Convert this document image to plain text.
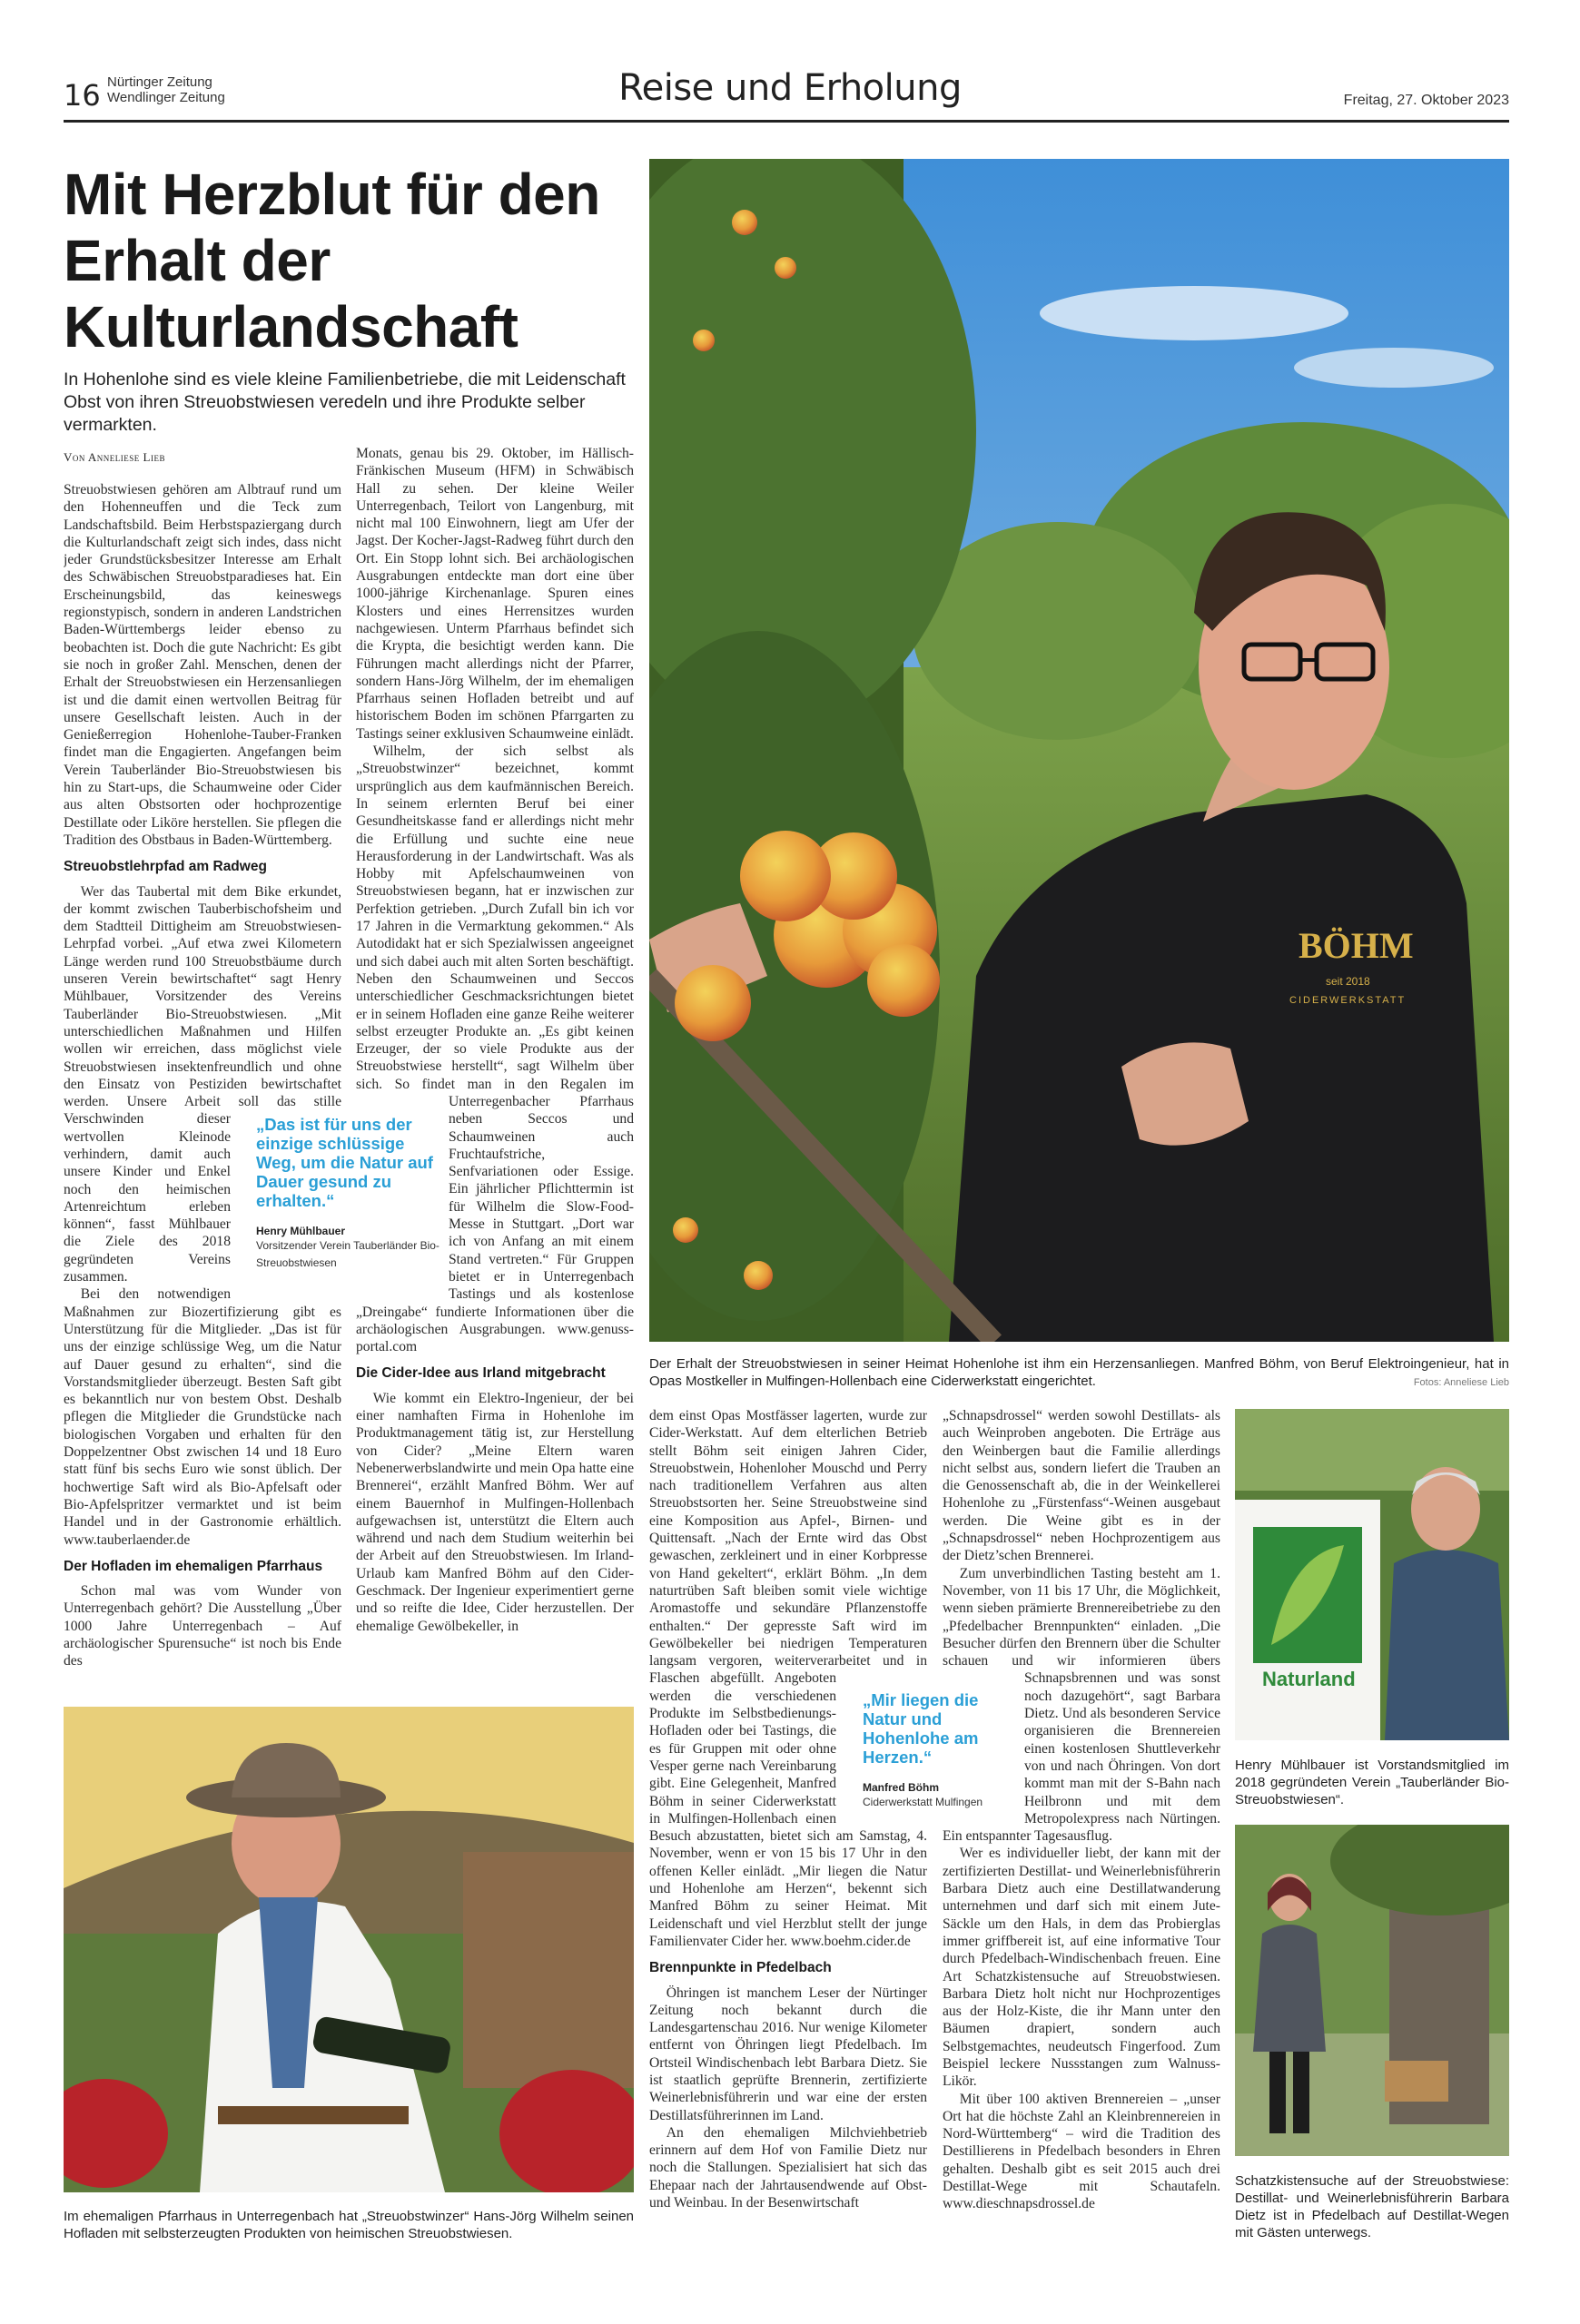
16 Nürtinger Zeitung
Wendlinger Zeitung	Reise und Erholung	Freitag, 27. Oktober 2023
Mit Herzblut für den Erhalt der Kulturlandschaft

In Hohenlohe sind es viele kleine Familienbetriebe, die mit Leidenschaft Obst von ihren Streuobstwiesen veredeln und ihre Produkte selber vermarkten.

Von Anneliese Lieb

Streuobstwiesen gehören am Albtrauf rund um den Hohenneuffen und die Teck zum Landschaftsbild. Beim Herbstspaziergang durch die Kulturlandschaft zeigt sich indes, dass nicht jeder Grundstücksbesitzer Interesse am Erhalt des Schwäbischen Streuobstparadieses hat. Ein Erscheinungsbild, das keineswegs regionstypisch, sondern in anderen Landstrichen Baden-Württembergs leider ebenso zu beobachten ist. Doch die gute Nachricht: Es gibt sie noch in großer Zahl. Menschen, denen der Erhalt der Streuobstwiesen ein Herzensanliegen ist und die damit einen wertvollen Beitrag für unsere Gesellschaft leisten. Auch in der Genießerregion Hohenlohe-Tauber-Franken findet man die Engagierten. Angefangen beim Verein Tauberländer Bio-Streuobstwiesen bis hin zu Start-ups, die Schaumweine oder Cider aus alten Obstsorten oder hochprozentige Destillate oder Liköre herstellen. Sie pflegen die Tradition des Obstbaus in Baden-Württemberg.

Streuobstlehrpfad am Radweg

Wer das Taubertal mit dem Bike erkundet, der kommt zwischen Tauberbischofsheim und dem Stadtteil Dittigheim am Streuobstwiesen-Lehrpfad vorbei. „Auf etwa zwei Kilometern Länge werden rund 100 Streuobstbäume durch unseren Verein bewirtschaftet“ sagt Henry Mühlbauer, Vorsitzender des Vereins Tauberländer Bio-Streuobstwiesen. „Mit unterschiedlichen Maßnahmen und Hilfen wollen wir erreichen, dass möglichst viele Streuobstwiesen insektenfreundlich und ohne den Einsatz von Pestiziden bewirtschaftet werden. Unsere Arbeit soll das stille Verschwinden dieser wertvollen Kleinode verhindern, damit auch unsere Kinder und Enkel noch den heimischen Artenreichtum erleben können“, fasst Mühlbauer die Ziele des 2018 gegründeten Vereins zusammen.

Bei den notwendigen Maßnahmen zur Biozertifizierung gibt es Unterstützung für die Mitglieder. „Das ist für uns der einzige schlüssige Weg, um die Natur auf Dauer gesund zu erhalten“, sind die Vorstandsmitglieder überzeugt. Besten Saft gibt es bekanntlich nur von bestem Obst. Deshalb pflegen die Mitglieder die Grundstücke nach biologischen Vorgaben und erhalten für den Doppelzentner Obst zwischen 14 und 18 Euro statt fünf bis sechs Euro wie sonst üblich. Der hochwertige Saft wird als Bio-Apfelsaft oder Bio-Apfelspritzer vermarktet und ist beim Handel und in der Gastronomie erhältlich. www.tauberlaender.de

Der Hofladen im ehemaligen Pfarrhaus

Schon mal was vom Wunder von Unterregenbach gehört? Die Ausstellung „Über 1000 Jahre Unterregenbach – Auf archäologischer Spurensuche“ ist noch bis Ende des

Monats, genau bis 29. Oktober, im Hällisch-Fränkischen Museum (HFM) in Schwäbisch Hall zu sehen. Der kleine Weiler Unterregenbach, Teilort von Langenburg, mit nicht mal 100 Einwohnern, liegt am Ufer der Jagst. Der Kocher-Jagst-Radweg führt durch den Ort. Ein Stopp lohnt sich. Bei archäologischen Ausgrabungen entdeckte man dort eine über 1000-jährige Kirchenanlage. Spuren eines Klosters und eines Herrensitzes wurden nachgewiesen. Unterm Pfarrhaus befindet sich die Krypta, die besichtigt werden kann. Die Führungen macht allerdings nicht der Pfarrer, sondern Hans-Jörg Wilhelm, der im ehemaligen Pfarrhaus seinen Hofladen betreibt und auf historischem Boden im schönen Pfarrgarten zu Tastings seiner exklusiven Schaumweine einlädt.

Wilhelm, der sich selbst als „Streuobstwinzer“ bezeichnet, kommt ursprünglich aus dem kaufmännischen Bereich. In seinem erlernten Beruf bei einer Gesundheitskasse fand er allerdings nicht mehr die Erfüllung und suchte eine neue Herausforderung in der Landwirtschaft. Was als Hobby mit Apfelschaumweinen von Streuobstwiesen begann, hat er inzwischen zur Perfektion getrieben. „Durch Zufall bin ich vor 17 Jahren in die Vermarktung gekommen.“ Als Autodidakt hat er sich Spezialwissen angeeignet und sich dabei auch mit alten Sorten beschäftigt. Neben den Schaumweinen und Seccos unterschiedlicher Geschmacksrichtungen bietet er in seinem Hofladen eine ganze Reihe weiterer selbst erzeugter Produkte an. „Es gibt keinen Erzeuger, der so viele Produkte aus der Streuobstwiese herstellt“, sagt Wilhelm über sich. So findet man in den Regalen im Unterregenbacher Pfarrhaus neben Seccos und Schaumweinen auch Fruchtaufstriche, Senfvariationen oder Essige. Ein jährlicher Pflichttermin ist für Wilhelm die Slow-Food-Messe in Stuttgart. „Dort war ich von Anfang an mit einem Stand vertreten.“ Für Gruppen bietet er in Unterregenbach Tastings und als kostenlose „Dreingabe“ fundierte Informationen über die archäologischen Ausgrabungen. www.genuss-portal.com

Die Cider-Idee aus Irland mitgebracht

Wie kommt ein Elektro-Ingenieur, der bei einer namhaften Firma in Hohenlohe im Produktmanagement tätig ist, zur Herstellung von Cider? „Meine Eltern waren Nebenerwerbslandwirte und mein Opa hatte eine Brennerei“, erzählt Manfred Böhm. Wer auf einem Bauernhof in Mulfingen-Hollenbach aufgewachsen ist, unterstützt die Eltern auch während und nach dem Studium weiterhin bei der Arbeit auf den Streuobstwiesen. Im Irland-Urlaub kam Manfred Böhm auf den Cider-Geschmack. Der Ingenieur experimentiert gerne und so reifte die Idee, Cider herzustellen. Der ehemalige Gewölbekeller, in

„Das ist für uns der einzige schlüssige Weg, um die Natur auf Dauer gesund zu erhalten.“
Henry Mühlbauer
Vorsitzender Verein Tauberländer Bio-Streuobstwiesen
BÖHM
seit 2018
CIDERWERKSTATT
Der Erhalt der Streuobstwiesen in seiner Heimat Hohenlohe ist ihm ein Herzensanliegen. Manfred Böhm, von Beruf Elektroingenieur, hat in Opas Mostkeller in Mulfingen-Hollenbach eine Ciderwerkstatt eingerichtet.	Fotos: Anneliese Lieb

dem einst Opas Mostfässer lagerten, wurde zur Cider-Werkstatt. Auf dem elterlichen Betrieb stellt Böhm seit einigen Jahren Cider, Streuobstwein, Hohenloher Mouschd und Perry nach traditionellem Verfahren aus alten Streuobstsorten her. Seine Streuobstweine sind eine Komposition aus Apfel-, Birnen- und Quittensaft. „Nach der Ernte wird das Obst gewaschen, zerkleinert und in einer Korbpresse von Hand gekeltert“, erklärt Böhm. „In dem naturtrüben Saft bleiben somit viele wichtige Aromastoffe und sekundäre Pflanzenstoffe enthalten.“ Der gepresste Saft wird im Gewölbekeller bei niedrigen Temperaturen langsam vergoren, weiterverarbeitet und in Flaschen abgefüllt. Angeboten werden die verschiedenen Produkte im Selbstbedienungs-Hofladen oder bei Tastings, die es für Gruppen mit oder ohne Vesper gerne nach Vereinbarung gibt. Eine Gelegenheit, Manfred Böhm in seiner Ciderwerkstatt in Mulfingen-Hollenbach einen Besuch abzustatten, bietet sich am Samstag, 4. November, wenn er von 15 bis 17 Uhr in den offenen Keller einlädt. „Mir liegen die Natur und Hohenlohe am Herzen“, bekennt sich Manfred Böhm zu seiner Heimat. Mit Leidenschaft und viel Herzblut stellt der junge Familienvater Cider her. www.boehm.cider.de

Brennpunkte in Pfedelbach

Öhringen ist manchem Leser der Nürtinger Zeitung noch bekannt durch die Landesgartenschau 2016. Nur wenige Kilometer entfernt von Öhringen liegt Pfedelbach. Im Ortsteil Windischenbach lebt Barbara Dietz. Sie ist staatlich geprüfte Brennerin, zertifizierte Weinerlebnisführerin und war eine der ersten Destillatsführerinnen im Land.

An den ehemaligen Milchviehbetrieb erinnern auf dem Hof von Familie Dietz nur noch die Stallungen. Spezialisiert hat sich das Ehepaar nach der Jahrtausendwende auf Obst- und Weinbau. In der Besenwirtschaft

„Schnapsdrossel“ werden sowohl Destillats- als auch Weinproben angeboten. Die Erträge aus den Weinbergen baut die Familie allerdings nicht selbst aus, sondern liefert die Trauben an die Genossenschaft ab, die in der Weinkellerei Hohenlohe zu „Fürstenfass“-Weinen ausgebaut werden. Die Weine gibt es in der „Schnapsdrossel“ neben Hochprozentigem aus der Dietz’schen Brennerei.

Zum unverbindlichen Tasting besteht am 1. November, von 11 bis 17 Uhr, die Möglichkeit, wenn sieben prämierte Brennereibetriebe zu den „Pfedelbacher Brennpunkten“ einladen. „Die Besucher dürfen den Brennern über die Schulter schauen und wir informieren übers Schnapsbrennen und was sonst noch dazugehört“, sagt Barbara Dietz. Und als besonderen Service organisieren die Brennereien einen kostenlosen Shuttleverkehr von und nach Öhringen. Von dort kommt man mit der S-Bahn nach Heilbronn und mit dem Metropolexpress nach Nürtingen. Ein entspannter Tagesausflug.

Wer es individueller liebt, der kann mit der zertifizierten Destillat- und Weinerlebnisführerin Barbara Dietz auch eine Destillatwanderung unternehmen und darf sich mit einem Jute-Säckle um den Hals, in dem das Probierglas immer griffbereit ist, auf eine informative Tour durch Pfedelbach-Windischenbach freuen. Eine Art Schatzkistensuche auf Streuobstwiesen. Barbara Dietz holt nicht nur Hochprozentiges aus der Holz-Kiste, die ihr Mann unter den Bäumen drapiert, sondern auch Selbstgemachtes, neudeutsch Fingerfood. Zum Beispiel leckere Nussstangen zum Walnuss-Likör.

Mit über 100 aktiven Brennereien – „unser Ort hat die höchste Zahl an Kleinbrennereien in Nord-Württemberg“ – wird die Tradition des Destillierens in Pfedelbach besonders in Ehren gehalten. Deshalb gibt es seit 2015 auch drei Destillat-Wege mit Schautafeln. www.dieschnapsdrossel.de

„Mir liegen die Natur und Hohenlohe am Herzen.“
Manfred Böhm
Ciderwerkstatt Mulfingen
Im ehemaligen Pfarrhaus in Unterregenbach hat „Streuobstwinzer“ Hans-Jörg Wilhelm seinen Hofladen mit selbsterzeugten Produkten von heimischen Streuobstwiesen.
Naturland
Henry Mühlbauer ist Vorstandsmitglied im 2018 gegründeten Verein „Tauberländer Bio-Streuobstwiesen“.
Schatzkistensuche auf der Streuobstwiese: Destillat- und Weinerlebnisführerin Barbara Dietz ist in Pfedelbach auf Destillat-Wegen mit Gästen unterwegs.
